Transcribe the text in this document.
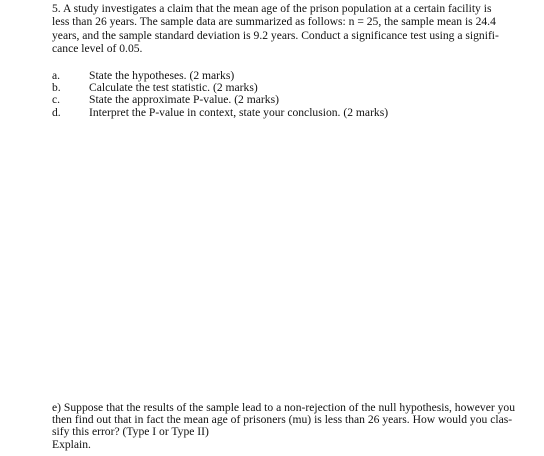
5. A study investigates a claim that the mean age of the prison population at a certain facility is
less than 26 years. The sample data are summarized as follows: n = 25, the sample mean is 24.4
years, and the sample standard deviation is 9.2 years. Conduct a significance test using a signifi-
cance level of 0.05.
a.	State the hypotheses. (2 marks)
b.	Calculate the test statistic. (2 marks)
c.	State the approximate P-value. (2 marks)
d.	Interpret the P-value in context, state your conclusion. (2 marks)
e) Suppose that the results of the sample lead to a non-rejection of the null hypothesis, however you
then find out that in fact the mean age of prisoners (mu) is less than 26 years. How would you clas-
sify this error? (Type I or Type II)
Explain.
